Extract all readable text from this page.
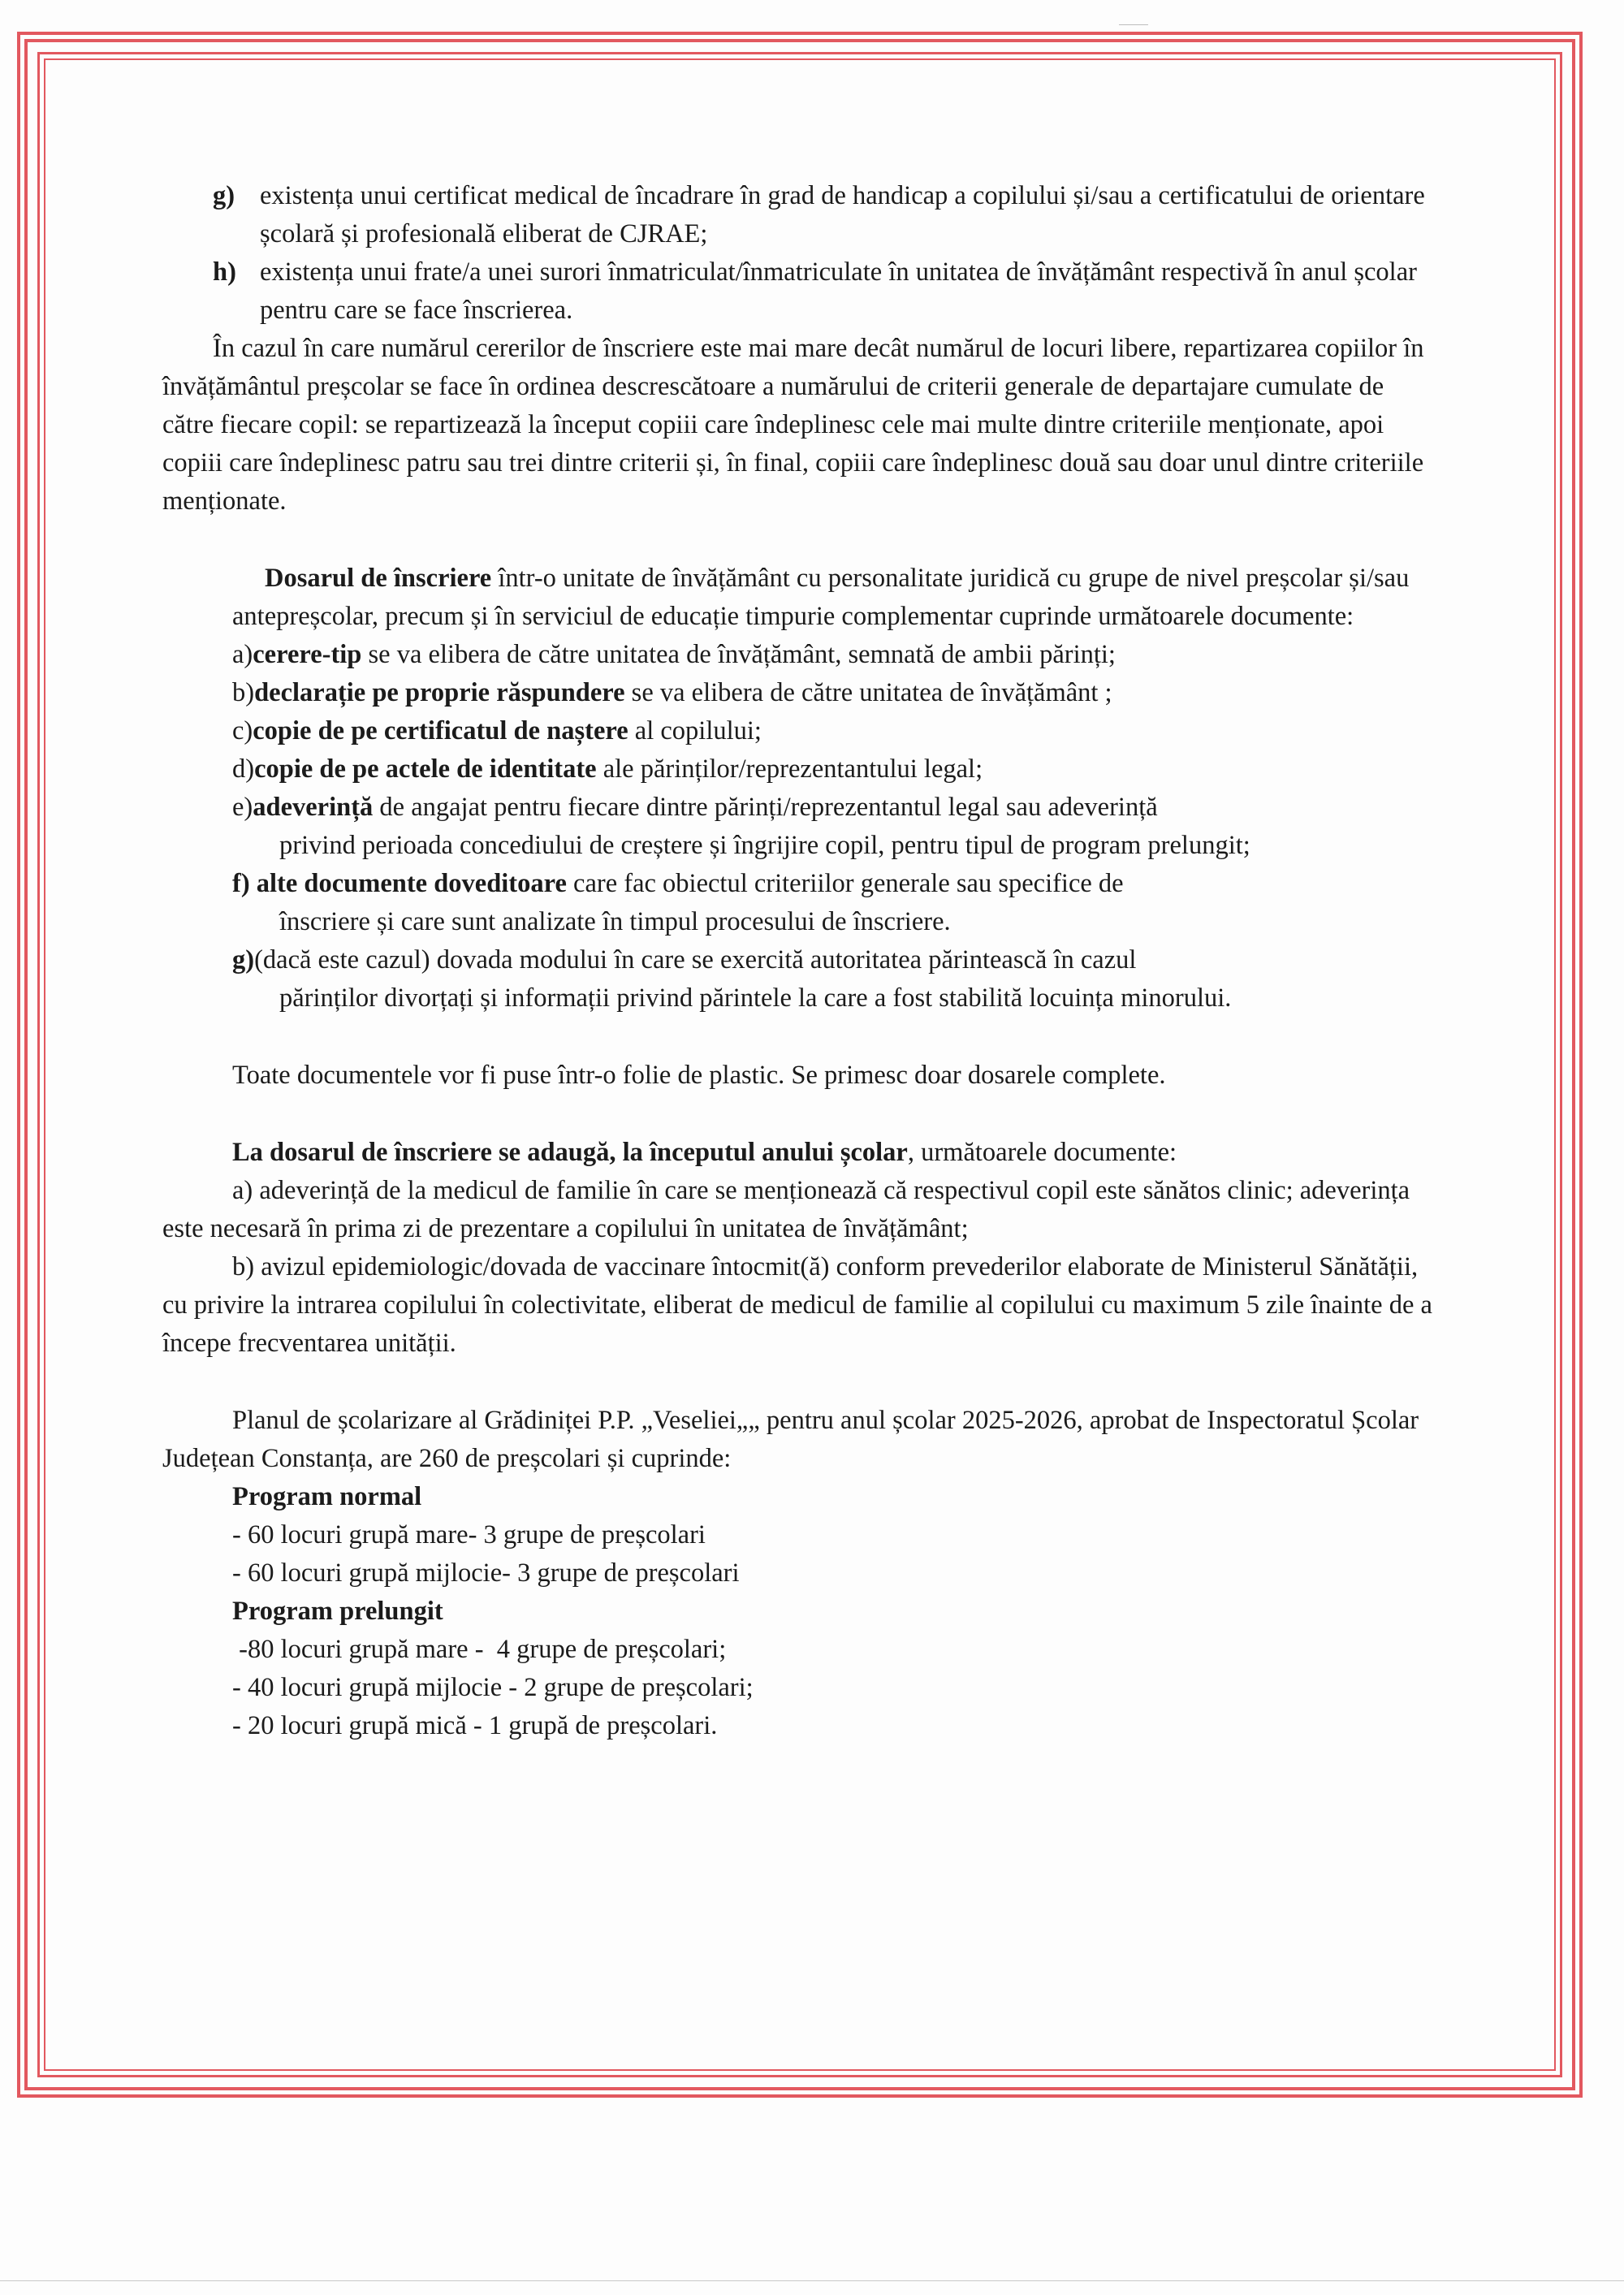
g) existența unui certificat medical de încadrare în grad de handicap a copilului și/sau a certificatului de orientare școlară și profesională eliberat de CJRAE;
h) existența unui frate/a unei surori înmatriculat/înmatriculate în unitatea de învățământ respectivă în anul școlar pentru care se face înscrierea.

În cazul în care numărul cererilor de înscriere este mai mare decât numărul de locuri libere, repartizarea copiilor în învățământul preșcolar se face în ordinea descrescătoare a numărului de criterii generale de departajare cumulate de către fiecare copil: se repartizează la început copiii care îndeplinesc cele mai multe dintre criteriile menționate, apoi copiii care îndeplinesc patru sau trei dintre criterii și, în final, copiii care îndeplinesc două sau doar unul dintre criteriile menționate.

Dosarul de înscriere într-o unitate de învățământ cu personalitate juridică cu grupe de nivel preșcolar și/sau antepreșcolar, precum și în serviciul de educație timpurie complementar cuprinde următoarele documente:

a)cerere-tip se va elibera de către unitatea de învățământ, semnată de ambii părinți;
b)declarație pe proprie răspundere se va elibera de către unitatea de învățământ ;
c)copie de pe certificatul de naștere al copilului;
d)copie de pe actele de identitate ale părinților/reprezentantului legal;
e)adeverință de angajat pentru fiecare dintre părinți/reprezentantul legal sau adeverință
privind perioada concediului de creștere și îngrijire copil, pentru tipul de program prelungit;
f) alte documente doveditoare care fac obiectul criteriilor generale sau specifice de
înscriere și care sunt analizate în timpul procesului de înscriere.
g)(dacă este cazul) dovada modului în care se exercită autoritatea părintească în cazul
părinților divorțați și informații privind părintele la care a fost stabilită locuința minorului.

Toate documentele vor fi puse într-o folie de plastic. Se primesc doar dosarele complete.

La dosarul de înscriere se adaugă, la începutul anului școlar, următoarele documente:

a) adeverință de la medicul de familie în care se menționează că respectivul copil este sănătos clinic; adeverința este necesară în prima zi de prezentare a copilului în unitatea de învățământ;

b) avizul epidemiologic/dovada de vaccinare întocmit(ă) conform prevederilor elaborate de Ministerul Sănătății, cu privire la intrarea copilului în colectivitate, eliberat de medicul de familie al copilului cu maximum 5 zile înainte de a începe frecventarea unității.

Planul de școlarizare al Grădiniței P.P. „Veseliei„„ pentru anul școlar 2025-2026, aprobat de Inspectoratul Școlar Județean Constanța, are 260 de preșcolari și cuprinde:

Program normal

- 60 locuri grupă mare- 3 grupe de preșcolari

- 60 locuri grupă mijlocie- 3 grupe de preșcolari

Program prelungit

-80 locuri grupă mare -  4 grupe de preșcolari;

- 40 locuri grupă mijlocie - 2 grupe de preșcolari;

- 20 locuri grupă mică - 1 grupă de preșcolari.
